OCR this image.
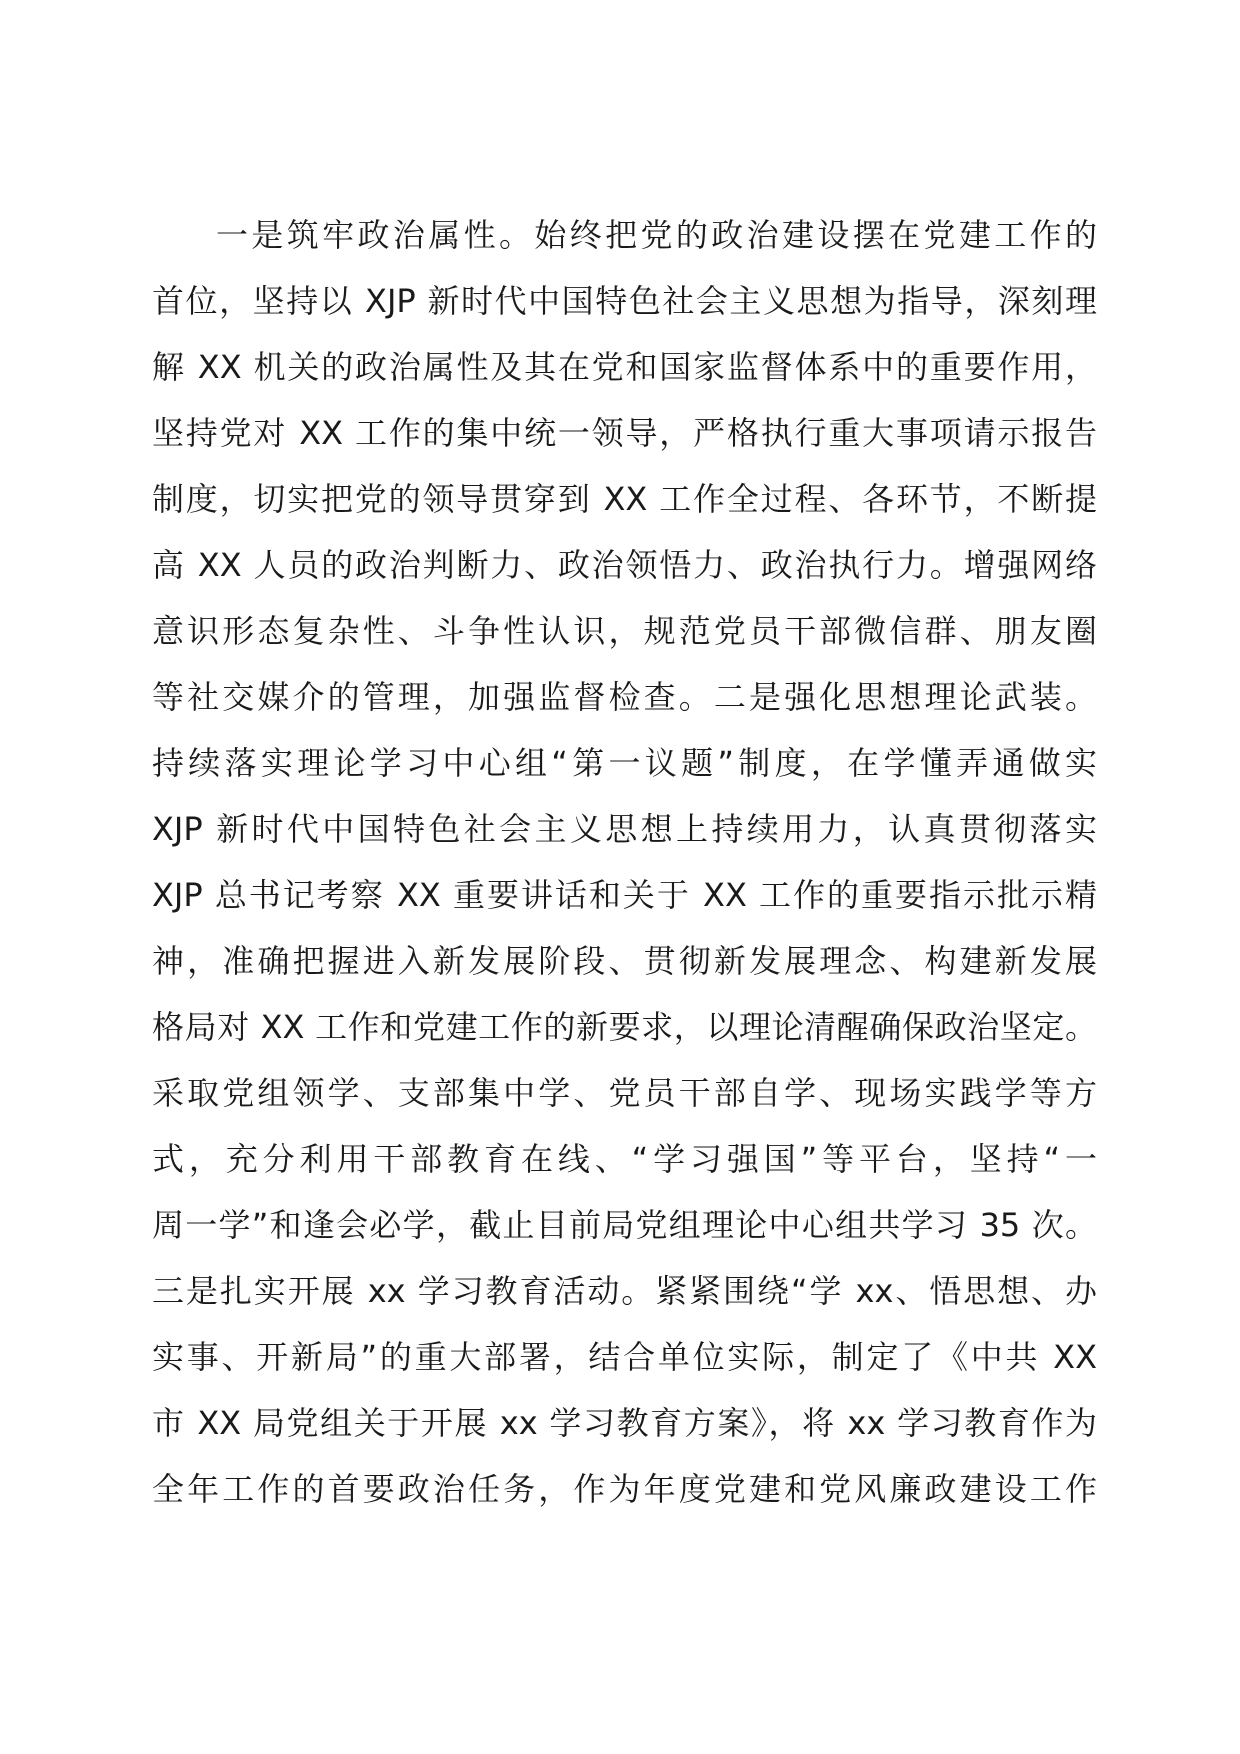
一是筑牢政治属性。始终把党的政治建设摆在党建工作的
首位，坚持以 XJP 新时代中国特色社会主义思想为指导，深刻理
解 XX 机关的政治属性及其在党和国家监督体系中的重要作用，
坚持党对 XX 工作的集中统一领导，严格执行重大事项请示报告
制度，切实把党的领导贯穿到 XX 工作全过程、各环节，不断提
高 XX 人员的政治判断力、政治领悟力、政治执行力。增强网络
意识形态复杂性、斗争性认识，规范党员干部微信群、朋友圈
等社交媒介的管理，加强监督检查。二是强化思想理论武装。
持续落实理论学习中心组“第一议题”制度，在学懂弄通做实
XJP 新时代中国特色社会主义思想上持续用力，认真贯彻落实
XJP 总书记考察 XX 重要讲话和关于 XX 工作的重要指示批示精
神，准确把握进入新发展阶段、贯彻新发展理念、构建新发展
格局对 XX 工作和党建工作的新要求，以理论清醒确保政治坚定。
采取党组领学、支部集中学、党员干部自学、现场实践学等方
式，充分利用干部教育在线、“学习强国”等平台，坚持“一
周一学”和逢会必学，截止目前局党组理论中心组共学习 35 次。
三是扎实开展 xx 学习教育活动。紧紧围绕“学 xx、悟思想、办
实事、开新局”的重大部署，结合单位实际，制定了《中共 XX
市 XX 局党组关于开展 xx 学习教育方案》，将 xx 学习教育作为
全年工作的首要政治任务，作为年度党建和党风廉政建设工作
